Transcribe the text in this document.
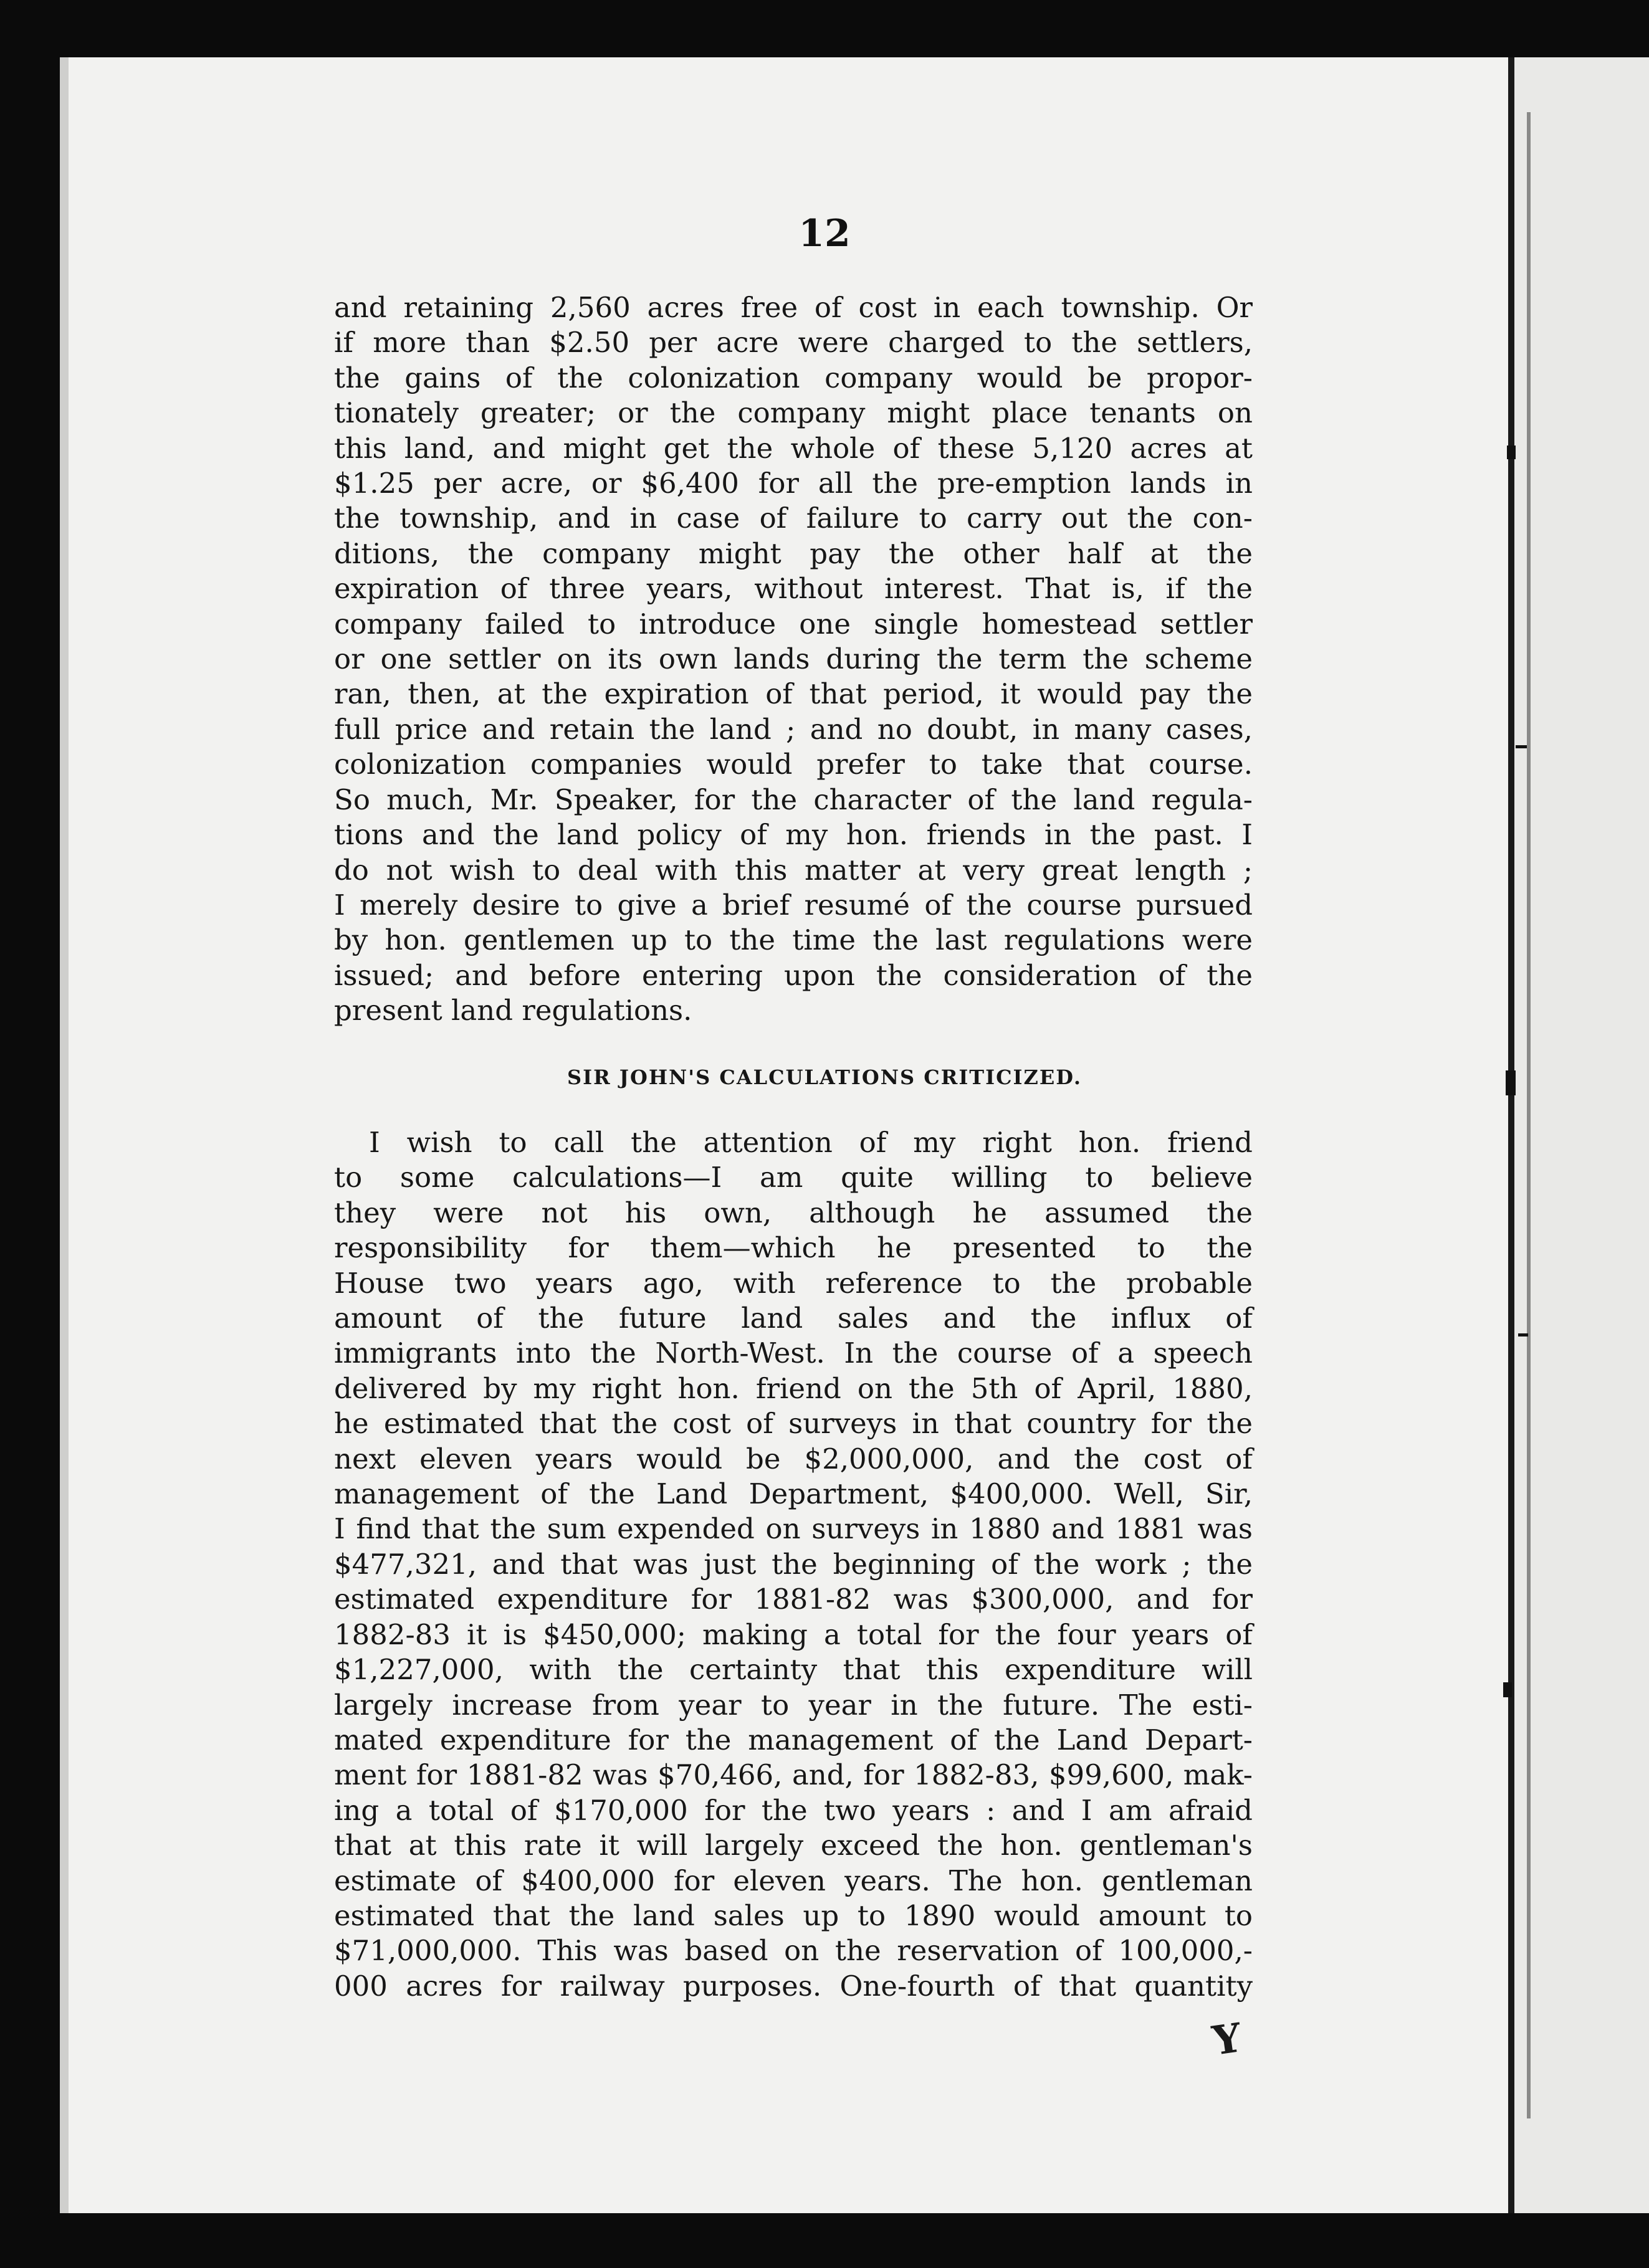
12
and retaining 2,560 acres free of cost in each township. Or
if more than $2.50 per acre were charged to the settlers,
the gains of the colonization company would be propor-
tionately greater; or the company might place tenants on
this land, and might get the whole of these 5,120 acres at
$1.25 per acre, or $6,400 for all the pre-emption lands in
the township, and in case of failure to carry out the con-
ditions, the company might pay the other half at the
expiration of three years, without interest. That is, if the
company failed to introduce one single homestead settler
or one settler on its own lands during the term the scheme
ran, then, at the expiration of that period, it would pay the
full price and retain the land ; and no doubt, in many cases,
colonization companies would prefer to take that course.
So much, Mr. Speaker, for the character of the land regula-
tions and the land policy of my hon. friends in the past. I
do not wish to deal with this matter at very great length ;
I merely desire to give a brief resumé of the course pursued
by hon. gentlemen up to the time the last regulations were
issued; and before entering upon the consideration of the
present land regulations.
SIR JOHN'S CALCULATIONS CRITICIZED.
I wish to call the attention of my right hon. friend
to some calculations—I am quite willing to believe
they were not his own, although he assumed the
responsibility for them—which he presented to the
House two years ago, with reference to the probable
amount of the future land sales and the influx of
immigrants into the North-West. In the course of a speech
delivered by my right hon. friend on the 5th of April, 1880,
he estimated that the cost of surveys in that country for the
next eleven years would be $2,000,000, and the cost of
management of the Land Department, $400,000. Well, Sir,
I find that the sum expended on surveys in 1880 and 1881 was
$477,321, and that was just the beginning of the work ; the
estimated expenditure for 1881-82 was $300,000, and for
1882-83 it is $450,000; making a total for the four years of
$1,227,000, with the certainty that this expenditure will
largely increase from year to year in the future. The esti-
mated expenditure for the management of the Land Depart-
ment for 1881-82 was $70,466, and, for 1882-83, $99,600, mak-
ing a total of $170,000 for the two years : and I am afraid
that at this rate it will largely exceed the hon. gentleman's
estimate of $400,000 for eleven years. The hon. gentleman
estimated that the land sales up to 1890 would amount to
$71,000,000. This was based on the reservation of 100,000,-
000 acres for railway purposes. One-fourth of that quantity
Y
